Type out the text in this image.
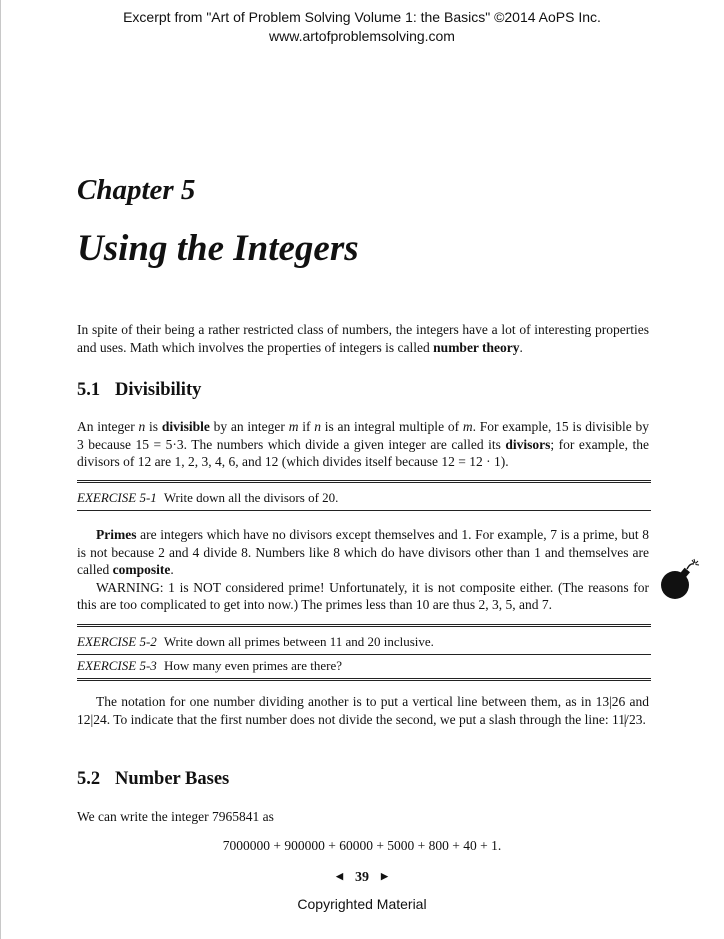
Excerpt from "Art of Problem Solving Volume 1: the Basics" ©2014 AoPS Inc.
www.artofproblemsolving.com
Chapter 5
Using the Integers
In spite of their being a rather restricted class of numbers, the integers have a lot of interesting properties and uses. Math which involves the properties of integers is called number theory.
5.1 Divisibility
An integer n is divisible by an integer m if n is an integral multiple of m. For example, 15 is divisible by 3 because 15 = 5·3. The numbers which divide a given integer are called its divisors; for example, the divisors of 12 are 1, 2, 3, 4, 6, and 12 (which divides itself because 12 = 12 · 1).
EXERCISE 5-1 Write down all the divisors of 20.

Primes are integers which have no divisors except themselves and 1. For example, 7 is a prime, but 8 is not because 2 and 4 divide 8. Numbers like 8 which do have divisors other than 1 and themselves are called composite.

WARNING: 1 is NOT considered prime! Unfortunately, it is not composite either. (The reasons for this are too complicated to get into now.) The primes less than 10 are thus 2, 3, 5, and 7.

EXERCISE 5-2 Write down all primes between 11 and 20 inclusive.
EXERCISE 5-3 How many even primes are there?
The notation for one number dividing another is to put a vertical line between them, as in 13|26 and 12|24. To indicate that the first number does not divide the second, we put a slash through the line: 11 23.
5.2 Number Bases
We can write the integer 7965841 as
7000000 + 900000 + 60000 + 5000 + 800 + 40 + 1.
◀ 39 ▶
Copyrighted Material
